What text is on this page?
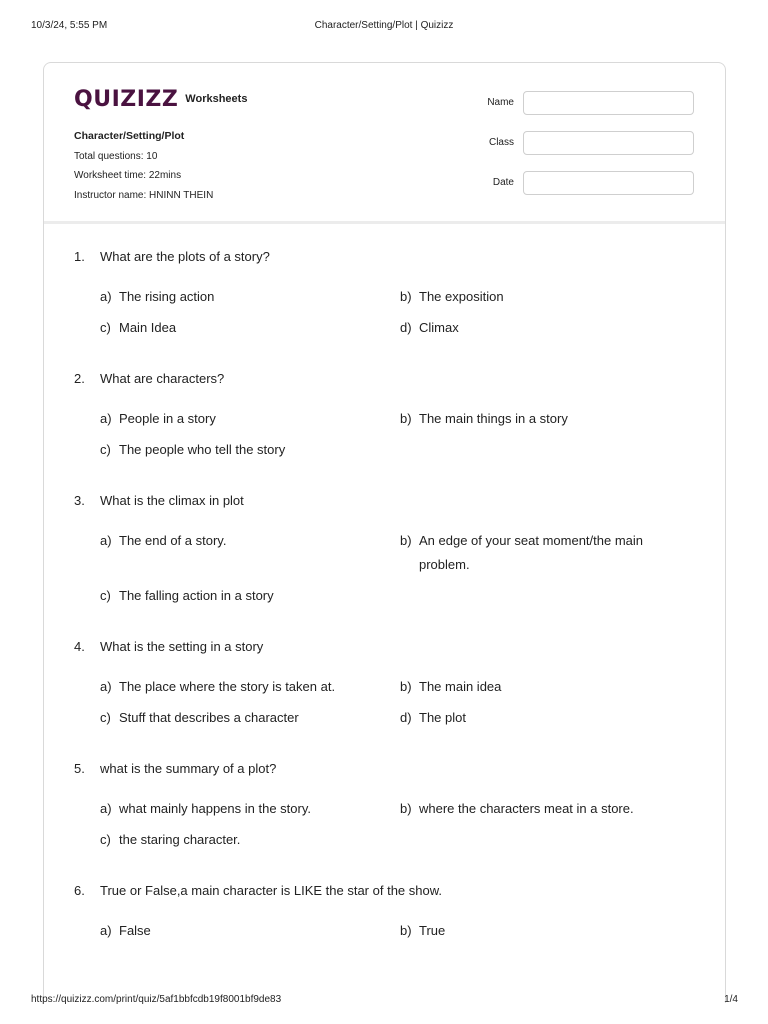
10/3/24, 5:55 PM	Character/Setting/Plot | Quizizz
QUIZIZZ Worksheets
Character/Setting/Plot
Total questions: 10
Worksheet time: 22mins
Instructor name: HNINN THEIN
Name
Class
Date
1. What are the plots of a story?
a) The rising action	b) The exposition
c) Main Idea	d) Climax
2. What are characters?
a) People in a story	b) The main things in a story
c) The people who tell the story
3. What is the climax in plot
a) The end of a story.	b) An edge of your seat moment/the main problem.
c) The falling action in a story
4. What is the setting in a story
a) The place where the story is taken at.	b) The main idea
c) Stuff that describes a character	d) The plot
5. what is the summary of a plot?
a) what mainly happens in the story.	b) where the characters meat in a store.
c) the staring character.
6. True or False,a main character is LIKE the star of the show.
a) False	b) True
https://quizizz.com/print/quiz/5af1bbfcdb19f8001bf9de83	1/4
